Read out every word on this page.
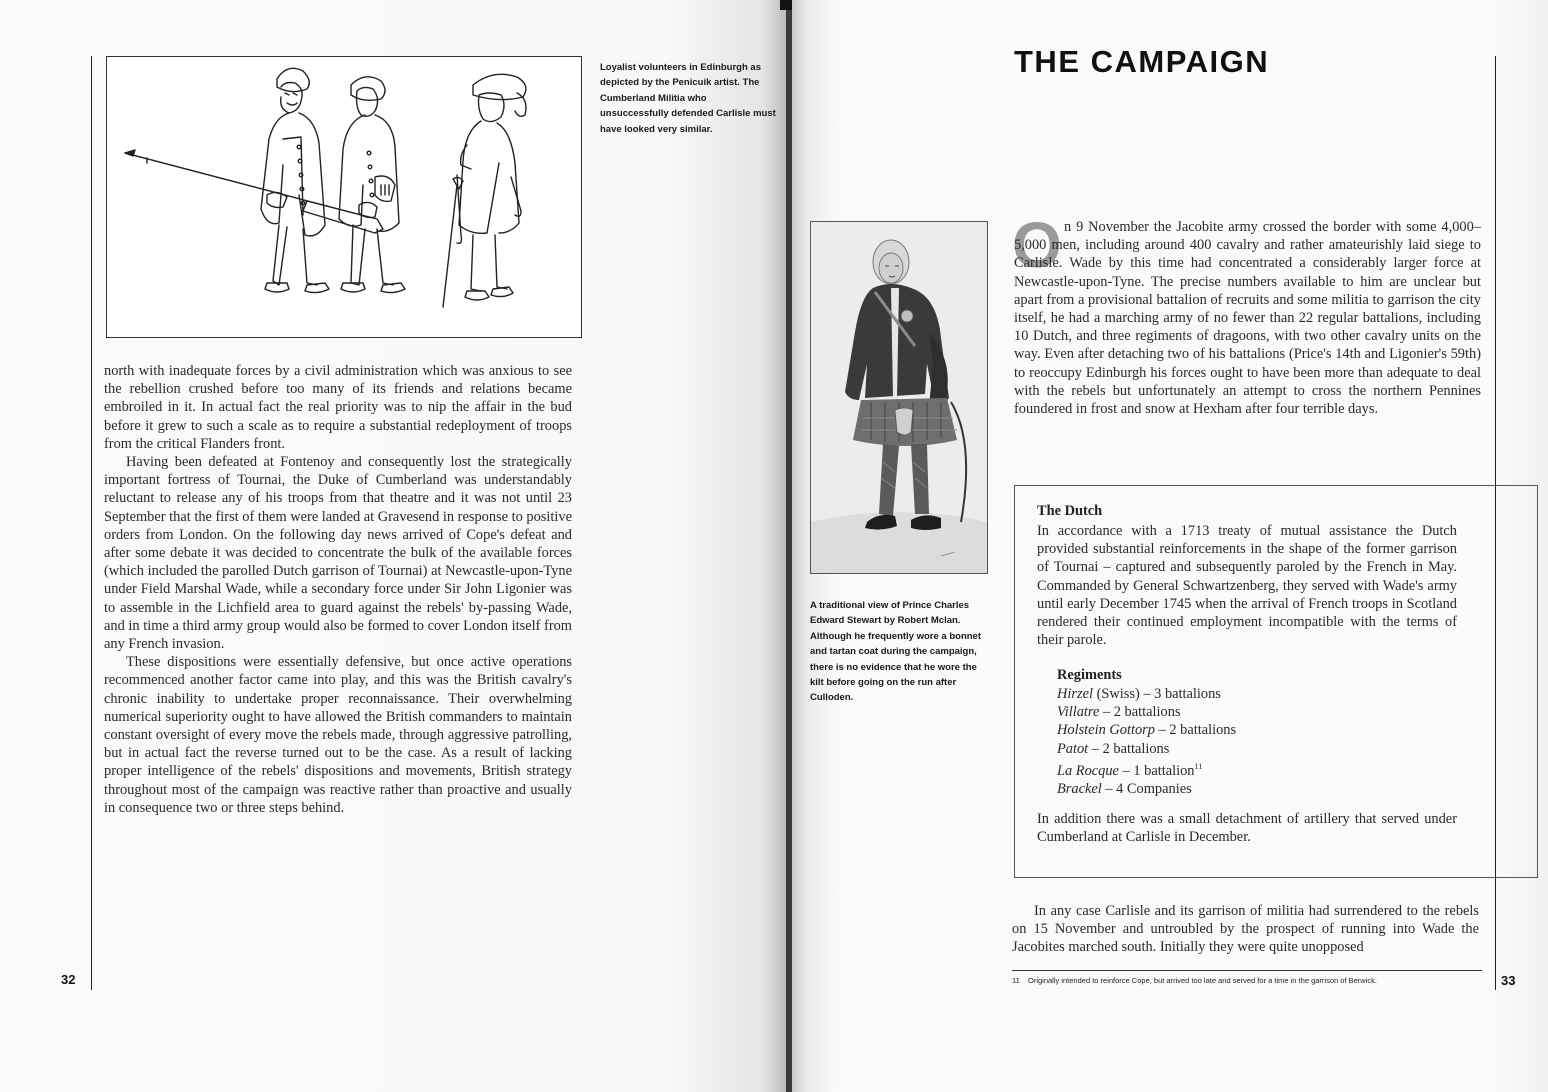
32

Loyalist volunteers in Edinburgh as depicted by the Penicuik artist. The Cumberland Militia who unsuccessfully defended Carlisle must have looked very similar.

north with inadequate forces by a civil administration which was anxious to see the rebellion crushed before too many of its friends and relations became embroiled in it. In actual fact the real priority was to nip the affair in the bud before it grew to such a scale as to require a substantial redeployment of troops from the critical Flanders front.

Having been defeated at Fontenoy and consequently lost the strategically important fortress of Tournai, the Duke of Cumberland was understandably reluctant to release any of his troops from that theatre and it was not until 23 September that the first of them were landed at Gravesend in response to positive orders from London. On the following day news arrived of Cope's defeat and after some debate it was decided to concentrate the bulk of the available forces (which included the parolled Dutch garrison of Tournai) at Newcastle-upon-Tyne under Field Marshal Wade, while a secondary force under Sir John Ligonier was to assemble in the Lichfield area to guard against the rebels' by-passing Wade, and in time a third army group would also be formed to cover London itself from any French invasion.

These dispositions were essentially defensive, but once active operations recommenced another factor came into play, and this was the British cavalry's chronic inability to undertake proper reconnaissance. Their overwhelming numerical superiority ought to have allowed the British commanders to maintain constant oversight of every move the rebels made, through aggressive patrolling, but in actual fact the reverse turned out to be the case. As a result of lacking proper intelligence of the rebels' dispositions and movements, British strategy throughout most of the campaign was reactive rather than proactive and usually in consequence two or three steps behind.

THE CAMPAIGN

A traditional view of Prince Charles Edward Stewart by Robert Mclan. Although he frequently wore a bonnet and tartan coat during the campaign, there is no evidence that he wore the kilt before going on the run after Culloden.

O n 9 November the Jacobite army crossed the border with some 4,000–5,000 men, including around 400 cavalry and rather amateurishly laid siege to Carlisle. Wade by this time had concentrated a considerably larger force at Newcastle-upon-Tyne. The precise numbers available to him are unclear but apart from a provisional battalion of recruits and some militia to garrison the city itself, he had a marching army of no fewer than 22 regular battalions, including 10 Dutch, and three regiments of dragoons, with two other cavalry units on the way. Even after detaching two of his battalions (Price's 14th and Ligonier's 59th) to reoccupy Edinburgh his forces ought to have been more than adequate to deal with the rebels but unfortunately an attempt to cross the northern Pennines foundered in frost and snow at Hexham after four terrible days.

The Dutch

In accordance with a 1713 treaty of mutual assistance the Dutch provided substantial reinforcements in the shape of the former garrison of Tournai – captured and subsequently paroled by the French in May. Commanded by General Schwartzenberg, they served with Wade's army until early December 1745 when the arrival of French troops in Scotland rendered their continued employment incompatible with the terms of their parole.

Regiments
Hirzel (Swiss) – 3 battalions
Villatre – 2 battalions
Holstein Gottorp – 2 battalions
Patot – 2 battalions
La Rocque – 1 battalion$^{11}$
Brackel – 4 Companies

In addition there was a small detachment of artillery that served under Cumberland at Carlisle in December.

In any case Carlisle and its garrison of militia had surrendered to the rebels on 15 November and untroubled by the prospect of running into Wade the Jacobites marched south. Initially they were quite unopposed

11 Originally intended to reinforce Cope, but arrived too late and served for a time in the garrison of Berwick.	33
